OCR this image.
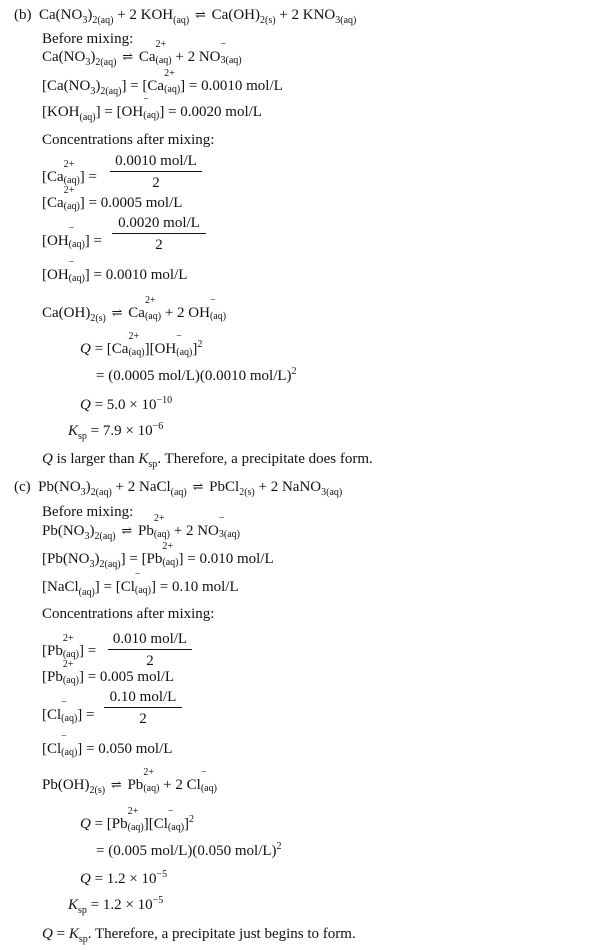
(b)  $Ca(NO_3)_{2(aq)} + 2$ $KOH_{(aq)}$ ⇌ $Ca(OH)_{2(s)} + 2$ $KNO_{3(aq)}$
Before mixing:
$Ca(NO_3)_{2(aq)}$ ⇌ Ca
2+
(aq) + 2 NO
−
3(aq)
$[Ca(NO_3)_{2(aq)}] = [Ca$
2+
(aq) ] = 0.0010 mol/L
$[KOH_{(aq)}] = [OH$
−
(aq) ] = 0.0020 mol/L
Concentrations after mixing:
[Ca
2+
(aq) ] =
0.0010 mol/L
2
[Ca
2+
(aq) ] = 0.0005 mol/L
[OH
−
(aq) ] =
0.0020 mol/L
2
[OH
−
(aq) ] = 0.0010 mol/L
$Ca(OH)_{2(s)}$ ⇌ Ca
2+
(aq) + 2 OH
−
(aq)
Q = [Ca
2+
(aq) ][OH
−
(aq) ]$^2$
= (0.0005 mol/L)(0.0010 mol/L)$^2$
$Q = 5.0 \times 10^{-10}$
$K_{sp} = 7.9 \times 10^{-6}$
Q is larger than $K_{sp}$. Therefore, a precipitate does form.
(c)  $Pb(NO_3)_{2(aq)} + 2$ NaCl$_{(aq)}$ ⇌ PbCl$_{2(s)}$ + 2 NaNO$_{3(aq)}$
Before mixing:
$Pb(NO_3)_{2(aq)}$ ⇌ Pb
2+
(aq) + 2 NO
−
3(aq)
$[Pb(NO_3)_{2(aq)}] = [Pb$
2+
(aq) ] = 0.010 mol/L
[NaCl$_{(aq)}$] = [Cl
−
(aq) ] = 0.10 mol/L
Concentrations after mixing:
[Pb
2+
(aq) ] =
0.010 mol/L
2
[Pb
2+
(aq) ] = 0.005 mol/L
[Cl
−
(aq) ] =
0.10 mol/L
2
[Cl
−
(aq) ] = 0.050 mol/L
$Pb(OH)_{2(s)}$ ⇌ Pb
2+
(aq) + 2 Cl
−
(aq)
Q = [Pb
2+
(aq) ][Cl
−
(aq) ]$^2$
= (0.005 mol/L)(0.050 mol/L)$^2$
$Q = 1.2 \times 10^{-5}$
$K_{sp} = 1.2 \times 10^{-5}$
$Q = K_{sp}$. Therefore, a precipitate just begins to form.
